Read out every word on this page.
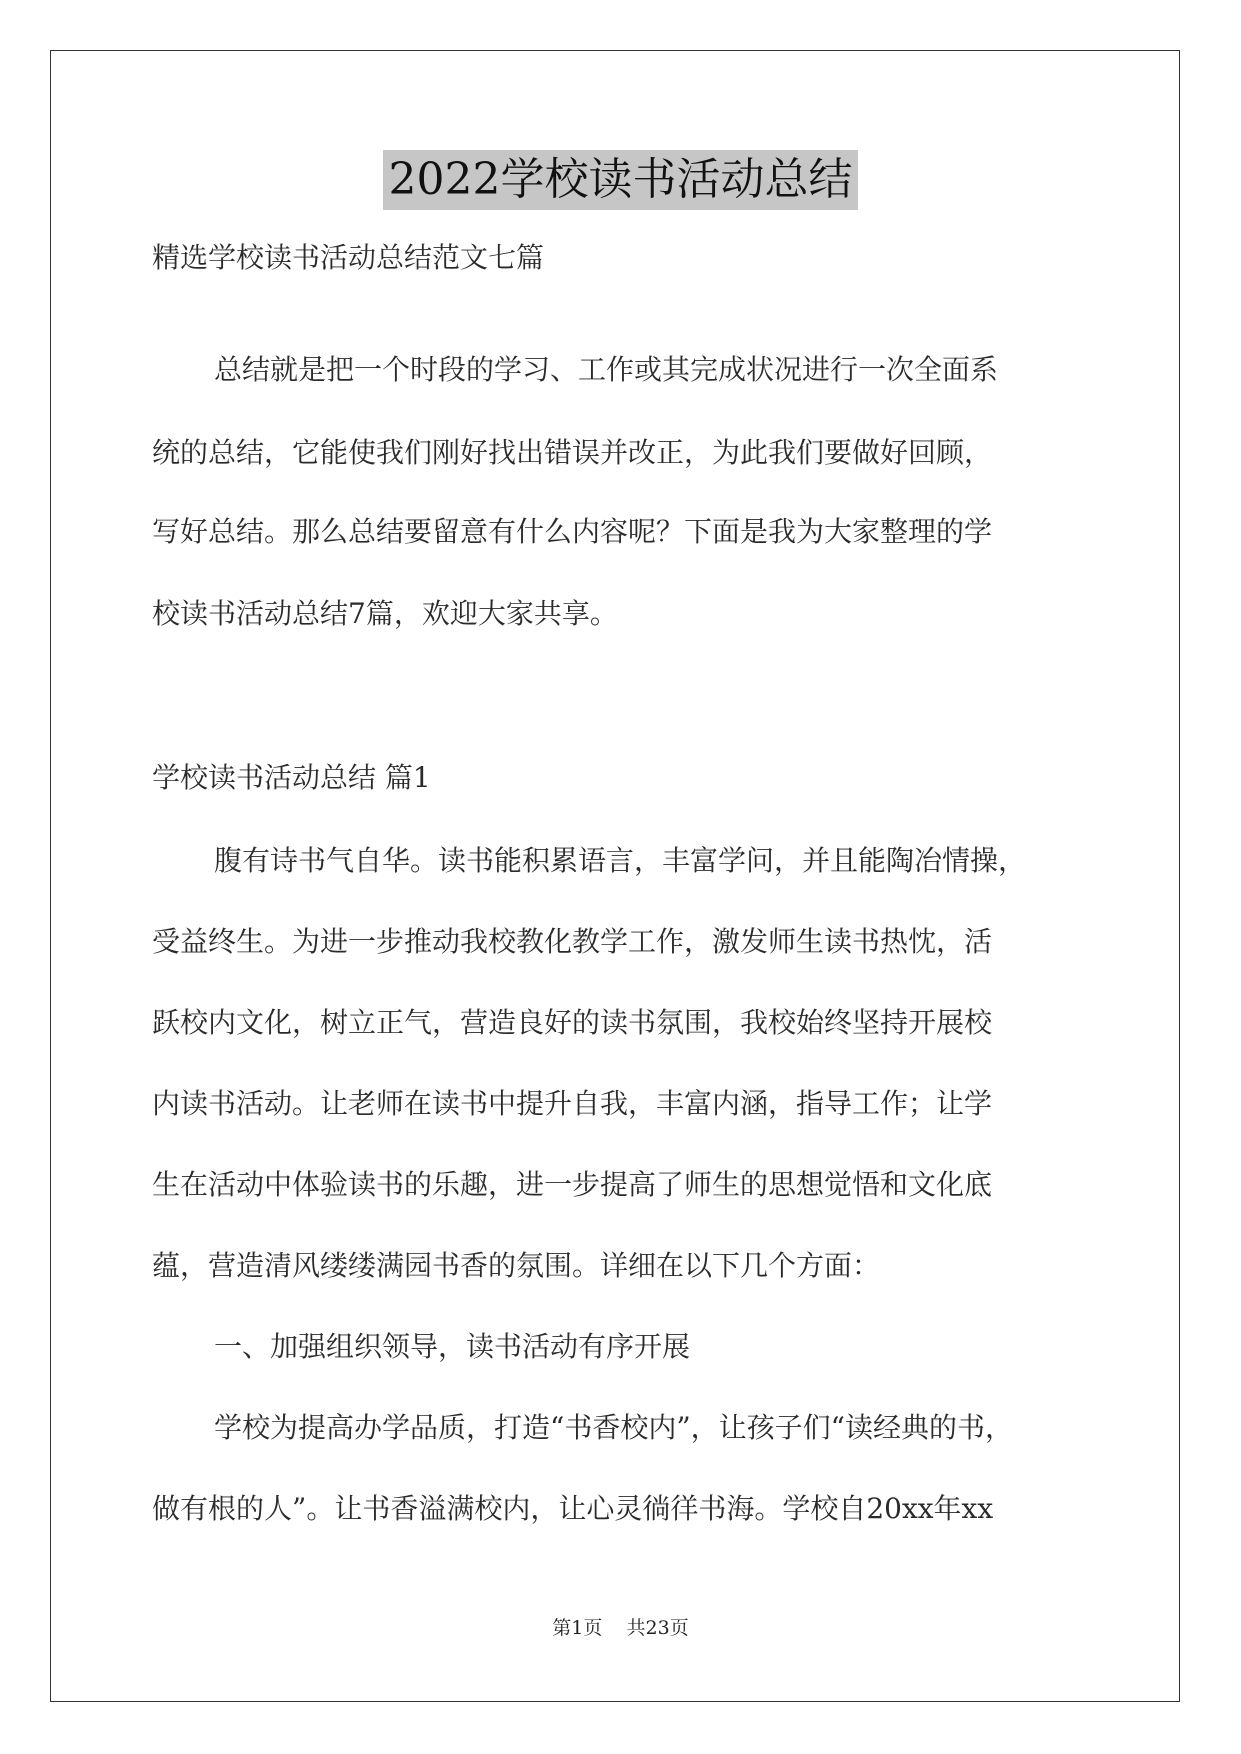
2022学校读书活动总结
精选学校读书活动总结范文七篇
总结就是把一个时段的学习、工作或其完成状况进行一次全面系
统的总结，它能使我们刚好找出错误并改正，为此我们要做好回顾，
写好总结。那么总结要留意有什么内容呢？下面是我为大家整理的学
校读书活动总结7篇，欢迎大家共享。
学校读书活动总结 篇1
腹有诗书气自华。读书能积累语言，丰富学问，并且能陶冶情操，
受益终生。为进一步推动我校教化教学工作，激发师生读书热忱，活
跃校内文化，树立正气，营造良好的读书氛围，我校始终坚持开展校
内读书活动。让老师在读书中提升自我，丰富内涵，指导工作；让学
生在活动中体验读书的乐趣，进一步提高了师生的思想觉悟和文化底
蕴，营造清风缕缕满园书香的氛围。详细在以下几个方面：
一、加强组织领导，读书活动有序开展
学校为提高办学品质，打造“书香校内”，让孩子们“读经典的书，
做有根的人”。让书香溢满校内，让心灵徜徉书海。学校自20xx年xx
第1页 共23页
